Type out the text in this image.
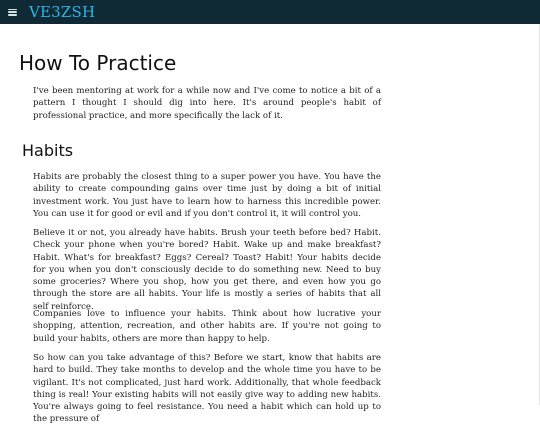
VE3ZSH
How To Practice

I've been mentoring at work for a while now and I've come to notice a bit of a pattern I thought I should dig into here. It's around people's habit of professional practice, and more specifically the lack of it.

Habits

Habits are probably the closest thing to a super power you have. You have the ability to create compounding gains over time just by doing a bit of initial investment work. You just have to learn how to harness this incredible power. You can use it for good or evil and if you don't control it, it will control you.

Believe it or not, you already have habits. Brush your teeth before bed? Habit. Check your phone when you're bored? Habit. Wake up and make breakfast? Habit. What's for breakfast? Eggs? Cereal? Toast? Habit! Your habits decide for you when you don't consciously decide to do something new. Need to buy some groceries? Where you shop, how you get there, and even how you go through the store are all habits. Your life is mostly a series of habits that all self reinforce.

Companies love to influence your habits. Think about how lucrative your shopping, attention, recreation, and other habits are. If you're not going to build your habits, others are more than happy to help.

So how can you take advantage of this? Before we start, know that habits are hard to build. They take months to develop and the whole time you have to be vigilant. It's not complicated, just hard work. Additionally, that whole feedback thing is real! Your existing habits will not easily give way to adding new habits. You're always going to feel resistance. You need a habit which can hold up to the pressure of
